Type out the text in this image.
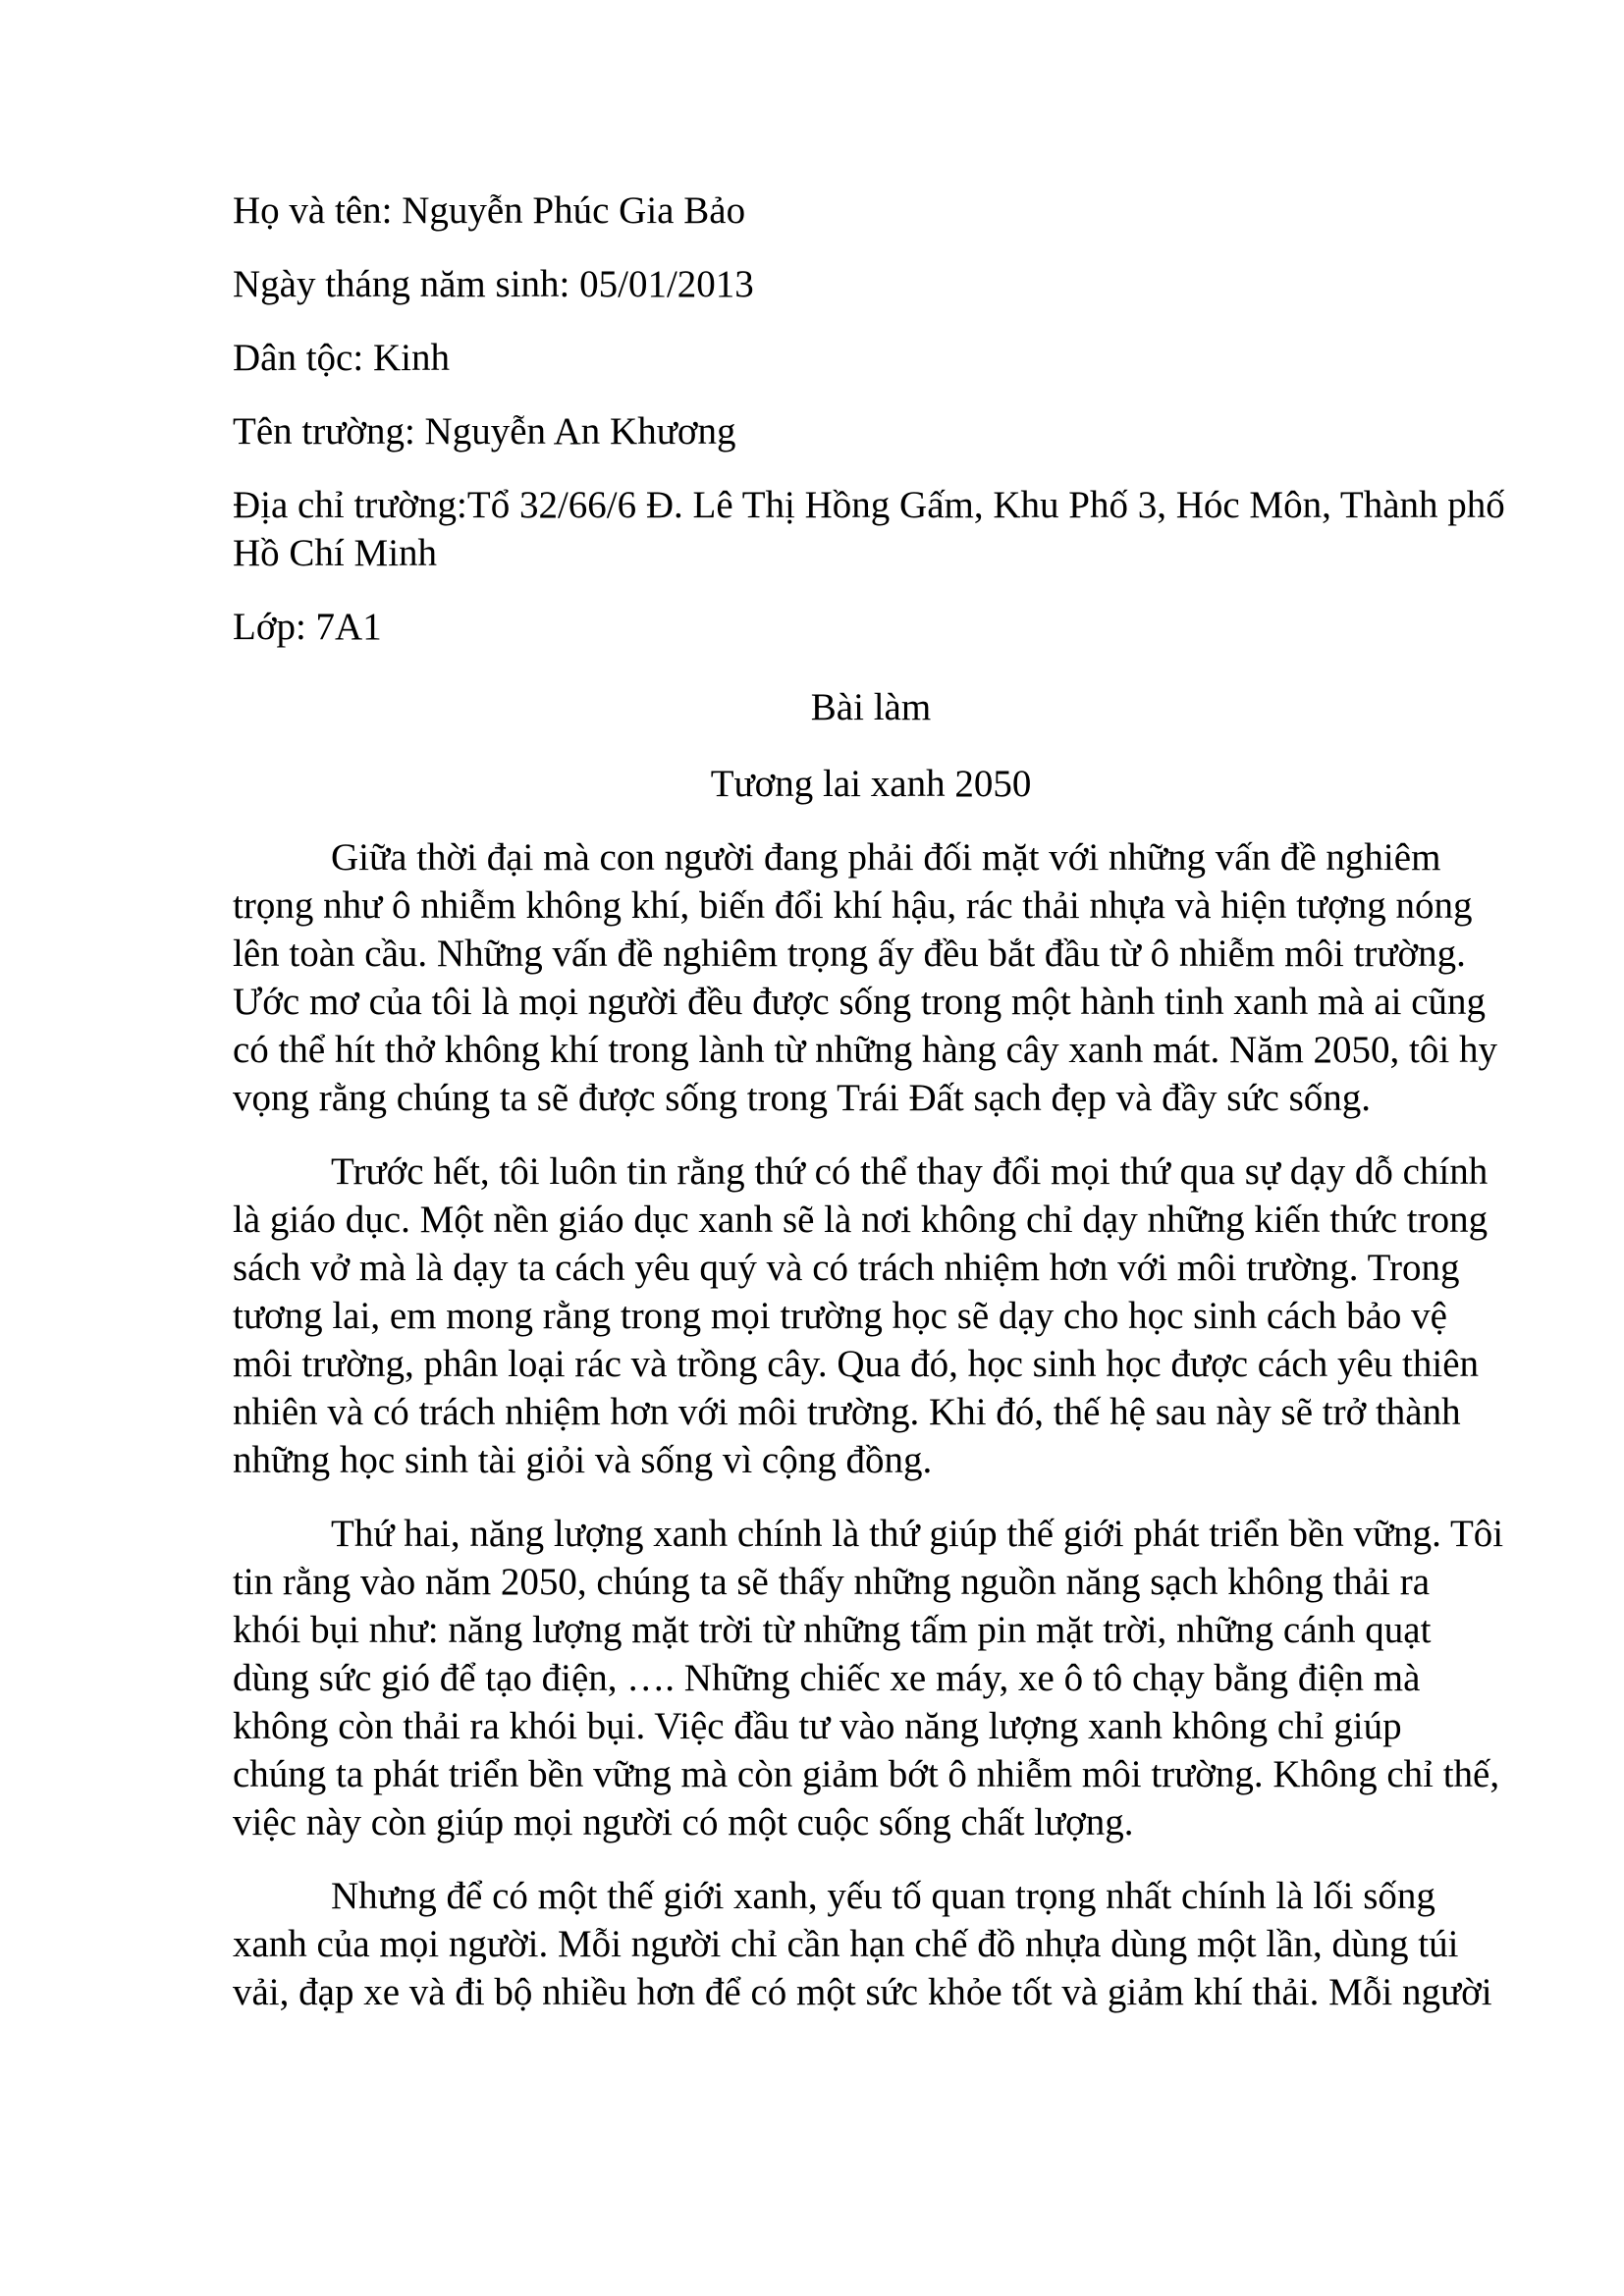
Họ và tên: Nguyễn Phúc Gia Bảo

Ngày tháng năm sinh: 05/01/2013

Dân tộc: Kinh

Tên trường: Nguyễn An Khương

Địa chỉ trường:Tổ 32/66/6 Đ. Lê Thị Hồng Gấm, Khu Phố 3, Hóc Môn, Thành phố Hồ Chí Minh

Lớp: 7A1

Bài làm

Tương lai xanh 2050

Giữa thời đại mà con người đang phải đối mặt với những vấn đề nghiêm trọng như ô nhiễm không khí, biến đổi khí hậu, rác thải nhựa và hiện tượng nóng lên toàn cầu. Những vấn đề nghiêm trọng ấy đều bắt đầu từ ô nhiễm môi trường. Ước mơ của tôi là mọi người đều được sống trong một hành tinh xanh mà ai cũng có thể hít thở không khí trong lành từ những hàng cây xanh mát. Năm 2050, tôi hy vọng rằng chúng ta sẽ được sống trong Trái Đất sạch đẹp và đầy sức sống.

Trước hết, tôi luôn tin rằng thứ có thể thay đổi mọi thứ qua sự dạy dỗ chính là giáo dục. Một nền giáo dục xanh sẽ là nơi không chỉ dạy những kiến thức trong sách vở mà là dạy ta cách yêu quý và có trách nhiệm hơn với môi trường. Trong tương lai, em mong rằng trong mọi trường học sẽ dạy cho học sinh cách bảo vệ môi trường, phân loại rác và trồng cây. Qua đó, học sinh học được cách yêu thiên nhiên và có trách nhiệm hơn với môi trường. Khi đó, thế hệ sau này sẽ trở thành những học sinh tài giỏi và sống vì cộng đồng.

Thứ hai, năng lượng xanh chính là thứ giúp thế giới phát triển bền vững. Tôi tin rằng vào năm 2050, chúng ta sẽ thấy những nguồn năng sạch không thải ra khói bụi như: năng lượng mặt trời từ những tấm pin mặt trời, những cánh quạt dùng sức gió để tạo điện, …. Những chiếc xe máy, xe ô tô chạy bằng điện mà không còn thải ra khói bụi. Việc đầu tư vào năng lượng xanh không chỉ giúp chúng ta phát triển bền vững mà còn giảm bớt ô nhiễm môi trường. Không chỉ thế, việc này còn giúp mọi người có một cuộc sống chất lượng.

Nhưng để có một thế giới xanh, yếu tố quan trọng nhất chính là lối sống xanh của mọi người. Mỗi người chỉ cần hạn chế đồ nhựa dùng một lần, dùng túi vải, đạp xe và đi bộ nhiều hơn để có một sức khỏe tốt và giảm khí thải. Mỗi người
